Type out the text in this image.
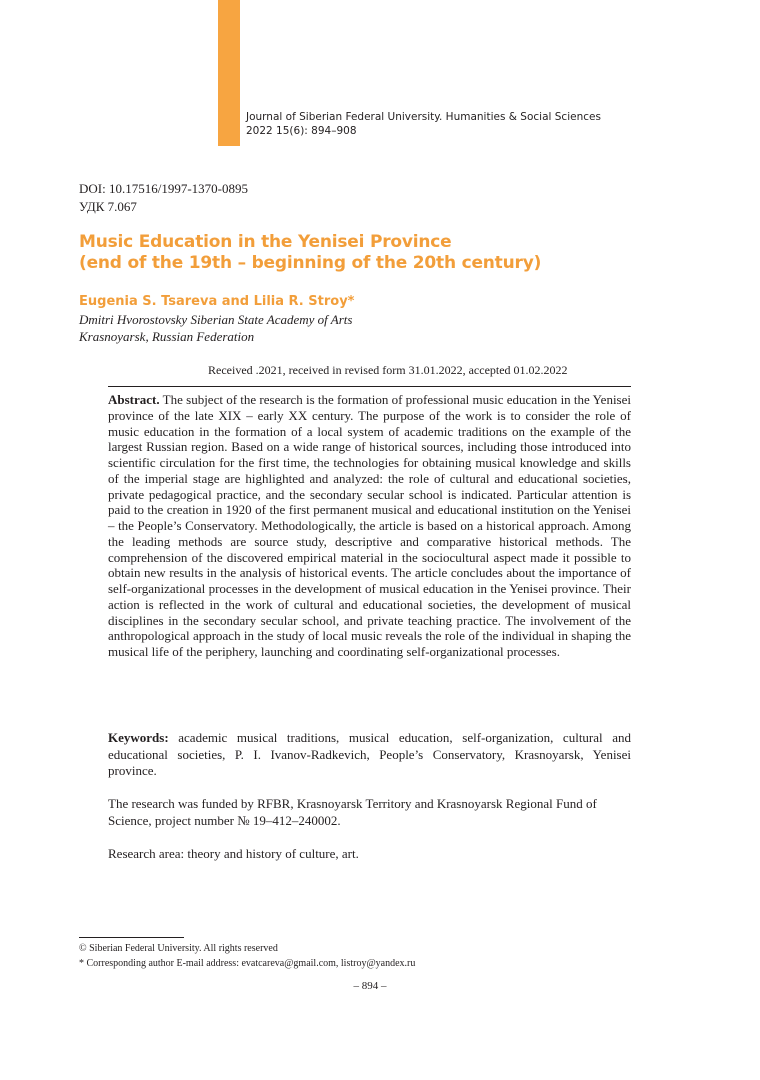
Journal of Siberian Federal University. Humanities & Social Sciences
2022 15(6): 894–908
DOI: 10.17516/1997-1370-0895
УДК 7.067
Music Education in the Yenisei Province
(end of the 19th – beginning of the 20th century)
Eugenia S. Tsareva and Lilia R. Stroy*
Dmitri Hvorostovsky Siberian State Academy of Arts
Krasnoyarsk, Russian Federation
Received .2021, received in revised form 31.01.2022, accepted 01.02.2022
Abstract. The subject of the research is the formation of professional music education in the Yenisei province of the late XIX – early XX century. The purpose of the work is to consider the role of music education in the formation of a local system of academic traditions on the example of the largest Russian region. Based on a wide range of historical sources, including those introduced into scientific circulation for the first time, the technologies for obtaining musical knowledge and skills of the imperial stage are highlighted and analyzed: the role of cultural and educational societies, private pedagogical practice, and the secondary secular school is indicated. Particular attention is paid to the creation in 1920 of the first permanent musical and educational institution on the Yenisei – the People’s Conservatory. Methodologically, the article is based on a historical approach. Among the leading methods are source study, descriptive and comparative historical methods. The comprehension of the discovered empirical material in the sociocultural aspect made it possible to obtain new results in the analysis of historical events. The article concludes about the importance of self-organizational processes in the development of musical education in the Yenisei province. Their action is reflected in the work of cultural and educational societies, the development of musical disciplines in the secondary secular school, and private teaching practice. The involvement of the anthropological approach in the study of local music reveals the role of the individual in shaping the musical life of the periphery, launching and coordinating self-organizational processes.
Keywords: academic musical traditions, musical education, self-organization, cultural and educational societies, P. I. Ivanov-Radkevich, People’s Conservatory, Krasnoyarsk, Yenisei province.
The research was funded by RFBR, Krasnoyarsk Territory and Krasnoyarsk Regional Fund of Science, project number № 19–412–240002.
Research area: theory and history of culture, art.
© Siberian Federal University. All rights reserved
* Corresponding author E-mail address: evatcareva@gmail.com, listroy@yandex.ru
– 894 –
